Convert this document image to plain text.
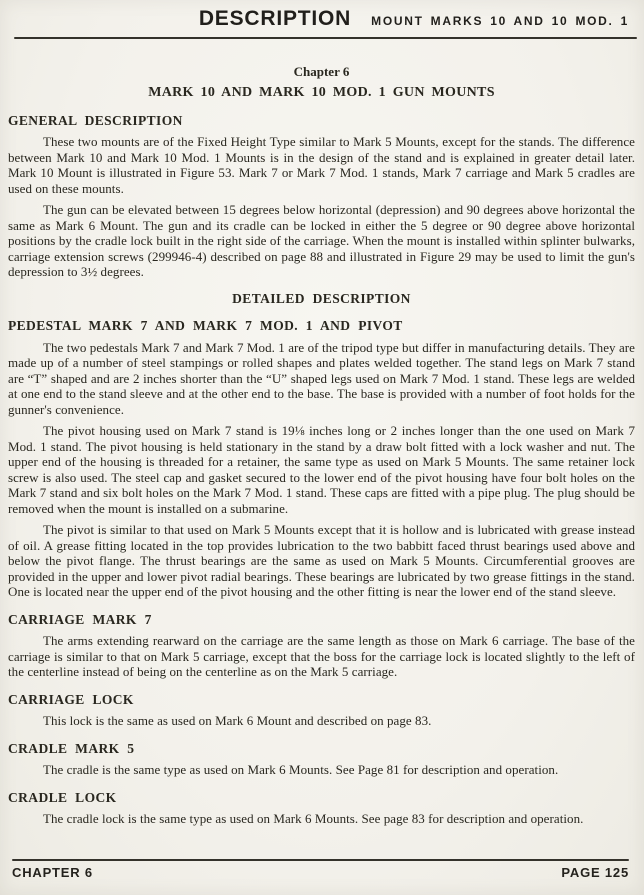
DESCRIPTION MOUNT MARKS 10 AND 10 MOD. 1
Chapter 6
MARK 10 AND MARK 10 MOD. 1 GUN MOUNTS
GENERAL DESCRIPTION

These two mounts are of the Fixed Height Type similar to Mark 5 Mounts, except for the stands. The difference between Mark 10 and Mark 10 Mod. 1 Mounts is in the design of the stand and is explained in greater detail later. Mark 10 Mount is illustrated in Figure 53. Mark 7 or Mark 7 Mod. 1 stands, Mark 7 carriage and Mark 5 cradles are used on these mounts.

The gun can be elevated between 15 degrees below horizontal (depression) and 90 degrees above horizontal the same as Mark 6 Mount. The gun and its cradle can be locked in either the 5 degree or 90 degree above horizontal positions by the cradle lock built in the right side of the carriage. When the mount is installed within splinter bulwarks, carriage extension screws (299946-4) described on page 88 and illustrated in Figure 29 may be used to limit the gun's depression to 3½ degrees.

DETAILED DESCRIPTION
PEDESTAL MARK 7 AND MARK 7 MOD. 1 AND PIVOT

The two pedestals Mark 7 and Mark 7 Mod. 1 are of the tripod type but differ in manufacturing details. They are made up of a number of steel stampings or rolled shapes and plates welded together. The stand legs on Mark 7 stand are “T” shaped and are 2 inches shorter than the “U” shaped legs used on Mark 7 Mod. 1 stand. These legs are welded at one end to the stand sleeve and at the other end to the base. The base is provided with a number of foot holds for the gunner's convenience.

The pivot housing used on Mark 7 stand is 19⅛ inches long or 2 inches longer than the one used on Mark 7 Mod. 1 stand. The pivot housing is held stationary in the stand by a draw bolt fitted with a lock washer and nut. The upper end of the housing is threaded for a retainer, the same type as used on Mark 5 Mounts. The same retainer lock screw is also used. The steel cap and gasket secured to the lower end of the pivot housing have four bolt holes on the Mark 7 stand and six bolt holes on the Mark 7 Mod. 1 stand. These caps are fitted with a pipe plug. The plug should be removed when the mount is installed on a submarine.

The pivot is similar to that used on Mark 5 Mounts except that it is hollow and is lubricated with grease instead of oil. A grease fitting located in the top provides lubrication to the two babbitt faced thrust bearings used above and below the pivot flange. The thrust bearings are the same as used on Mark 5 Mounts. Circumferential grooves are provided in the upper and lower pivot radial bearings. These bearings are lubricated by two grease fittings in the stand. One is located near the upper end of the pivot housing and the other fitting is near the lower end of the stand sleeve.

CARRIAGE MARK 7

The arms extending rearward on the carriage are the same length as those on Mark 6 carriage. The base of the carriage is similar to that on Mark 5 carriage, except that the boss for the carriage lock is located slightly to the left of the centerline instead of being on the centerline as on the Mark 5 carriage.

CARRIAGE LOCK

This lock is the same as used on Mark 6 Mount and described on page 83.

CRADLE MARK 5

The cradle is the same type as used on Mark 6 Mounts. See Page 81 for description and operation.

CRADLE LOCK

The cradle lock is the same type as used on Mark 6 Mounts. See page 83 for description and operation.

CHAPTER 6	PAGE 125
